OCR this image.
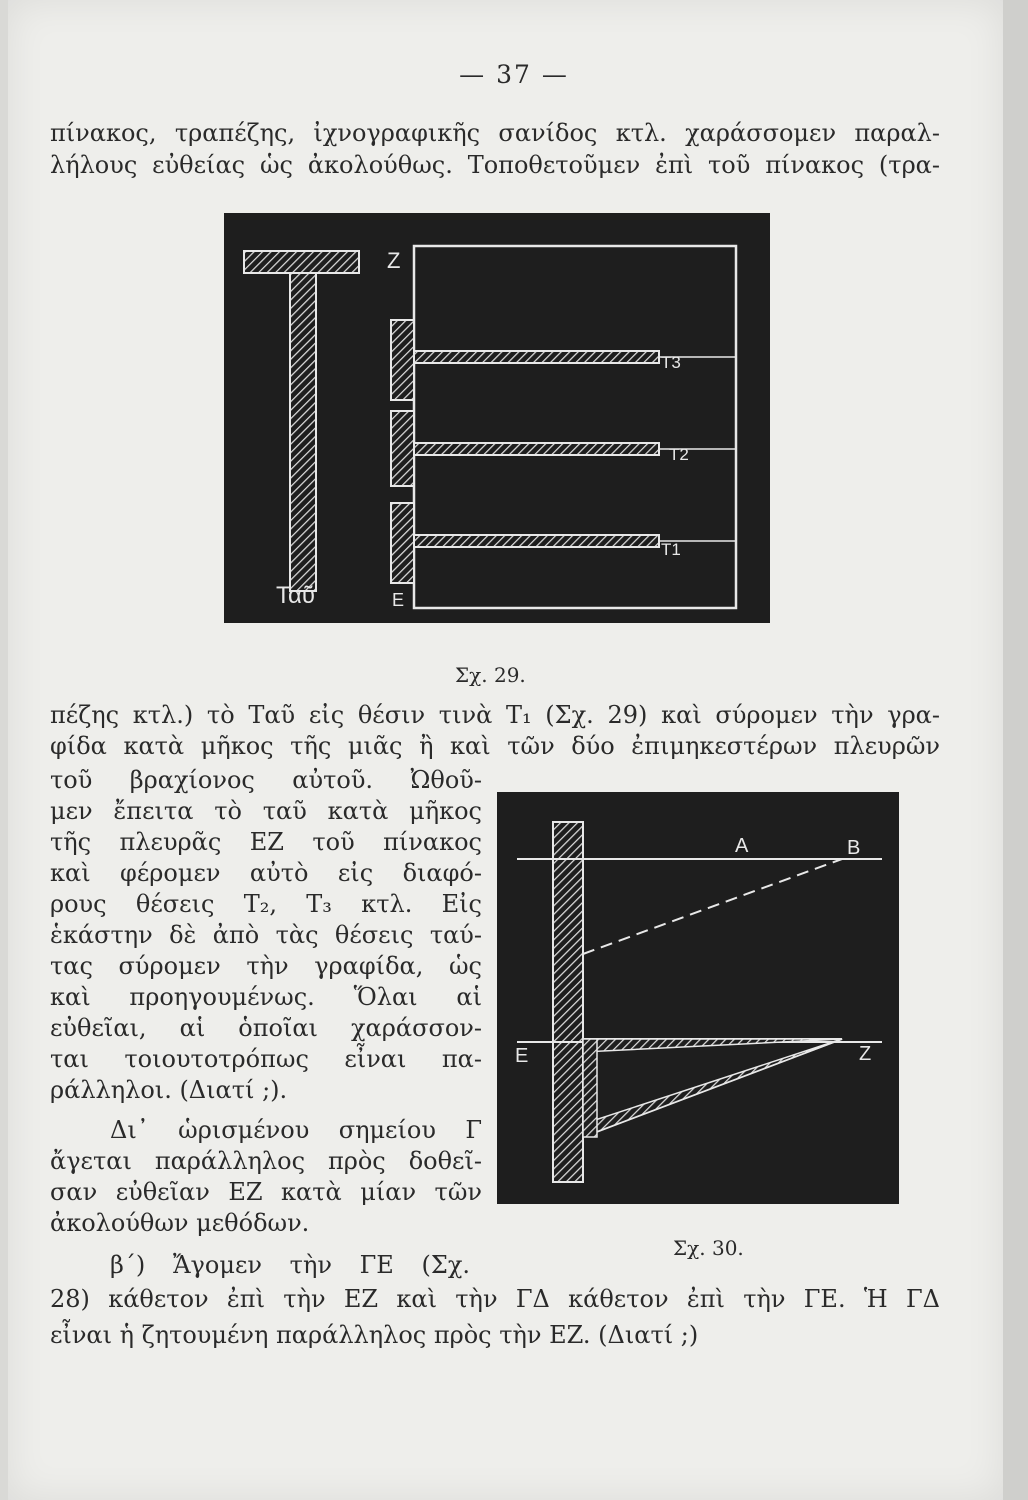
— 37 —
πίνακος, τραπέζης, ἰχνογραφικῆς σανίδος κτλ. χαράσσομεν παραλ-
λήλους εὐθείας ὡς ἀκολούθως. Τοποθετοῦμεν ἐπὶ τοῦ πίνακος (τρα-
Z
E
Ταῦ
T3
T2
T1
Σχ. 29.
πέζης κτλ.) τὸ Ταῦ εἰς θέσιν τινὰ T₁ (Σχ. 29) καὶ σύρομεν τὴν γρα-
φίδα κατὰ μῆκος τῆς μιᾶς ἢ καὶ τῶν δύο ἐπιμηκεστέρων πλευρῶν
τοῦ βραχίονος αὐτοῦ. Ὠθοῦ-
μεν ἔπειτα τὸ ταῦ κατὰ μῆκος
τῆς πλευρᾶς EZ τοῦ πίνακος
καὶ φέρομεν αὐτὸ εἰς διαφό-
ρους θέσεις T₂, T₃ κτλ. Εἰς
ἑκάστην δὲ ἀπὸ τὰς θέσεις ταύ-
τας σύρομεν τὴν γραφίδα, ὡς
καὶ προηγουμένως. Ὅλαι αἱ
εὐθεῖαι, αἱ ὁποῖαι χαράσσον-
ται τοιουτοτρόπως εἶναι πα-
ράλληλοι. (Διατί ;).
Δι᾿ ὡρισμένου σημείου Γ
ἄγεται παράλληλος πρὸς δοθεῖ-
σαν εὐθεῖαν EZ κατὰ μίαν τῶν
ἀκολούθων μεθόδων.
β΄) Ἄγομεν τὴν ΓΕ (Σχ.
A	B
E	Z
Σχ. 30.
28) κάθετον ἐπὶ τὴν EZ καὶ τὴν ΓΔ κάθετον ἐπὶ τὴν ΓΕ. Ἡ ΓΔ
εἶναι ἡ ζητουμένη παράλληλος πρὸς τὴν EZ. (Διατί ;)
